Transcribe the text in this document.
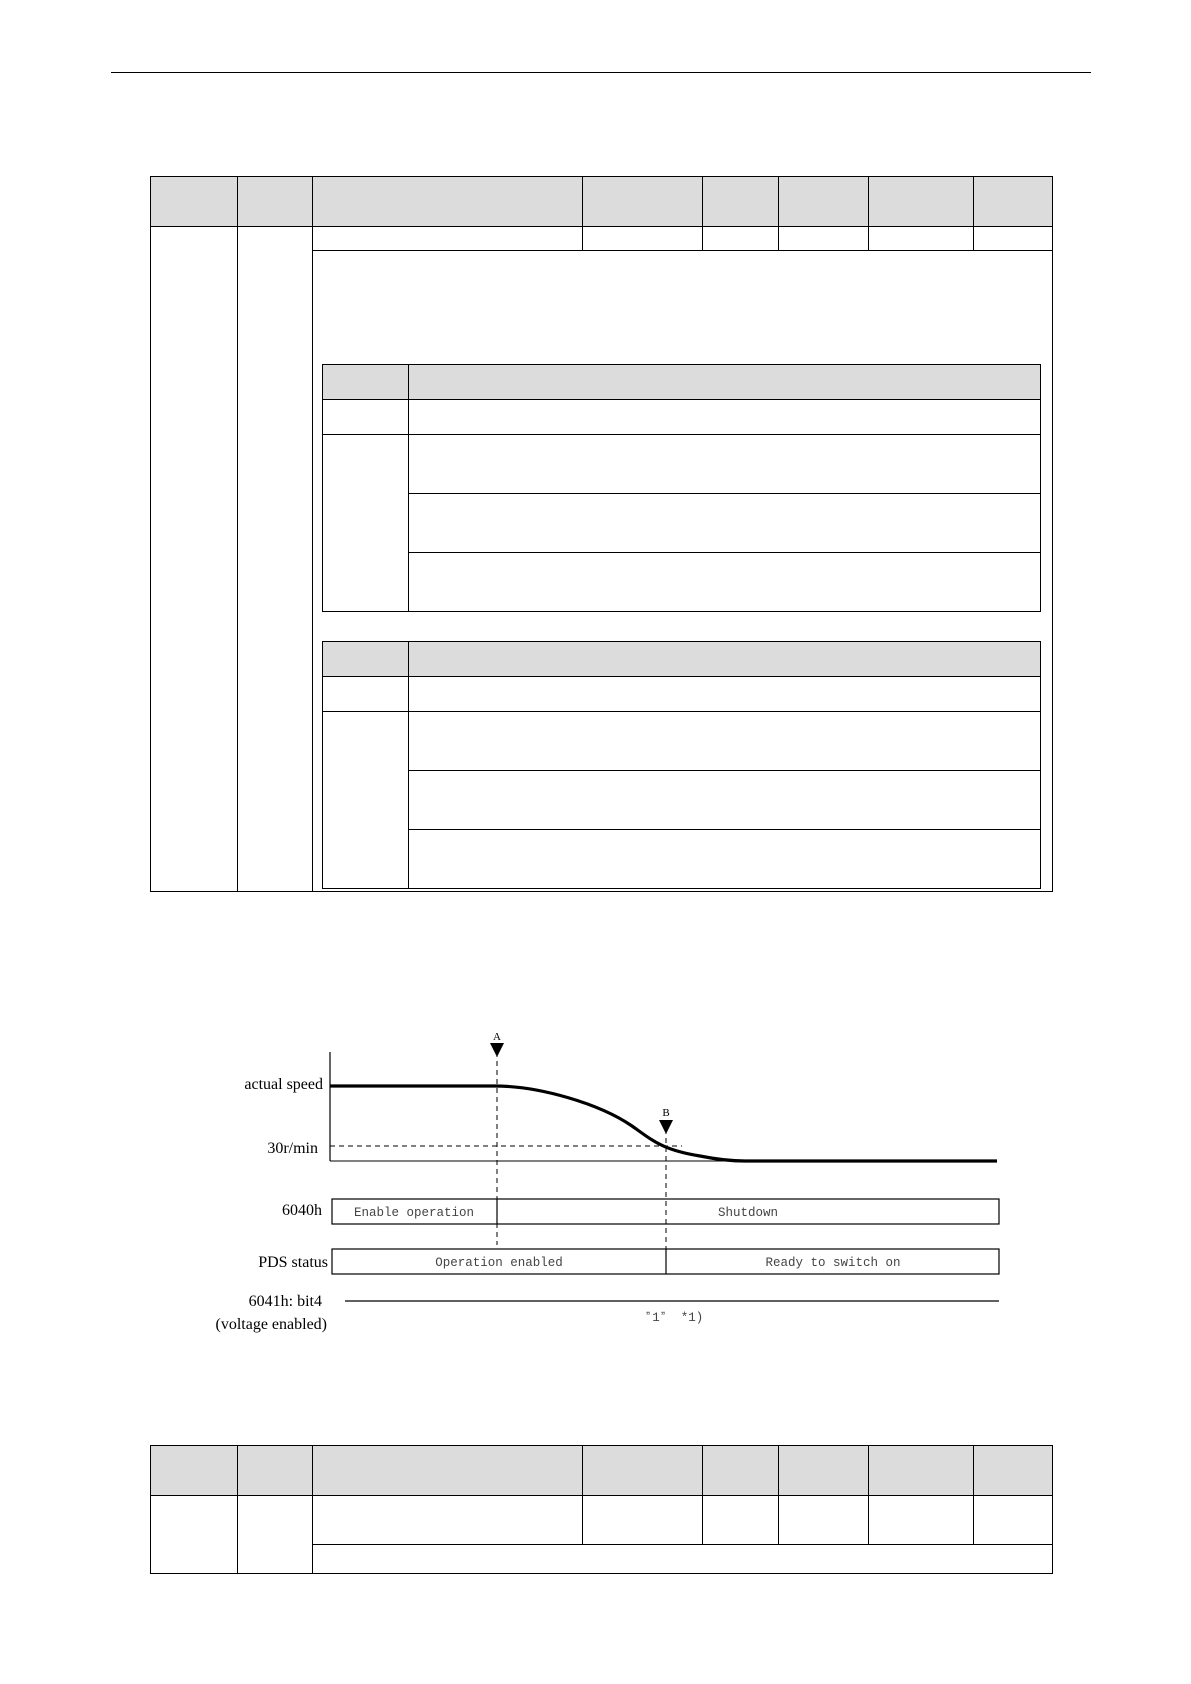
actual speed
30r/min
A
B
6040h	Enable operation	Shutdown
PDS status	Operation enabled	Ready to switch on
6041h: bit4
(voltage enabled)	ˮ1ˮ *1)
